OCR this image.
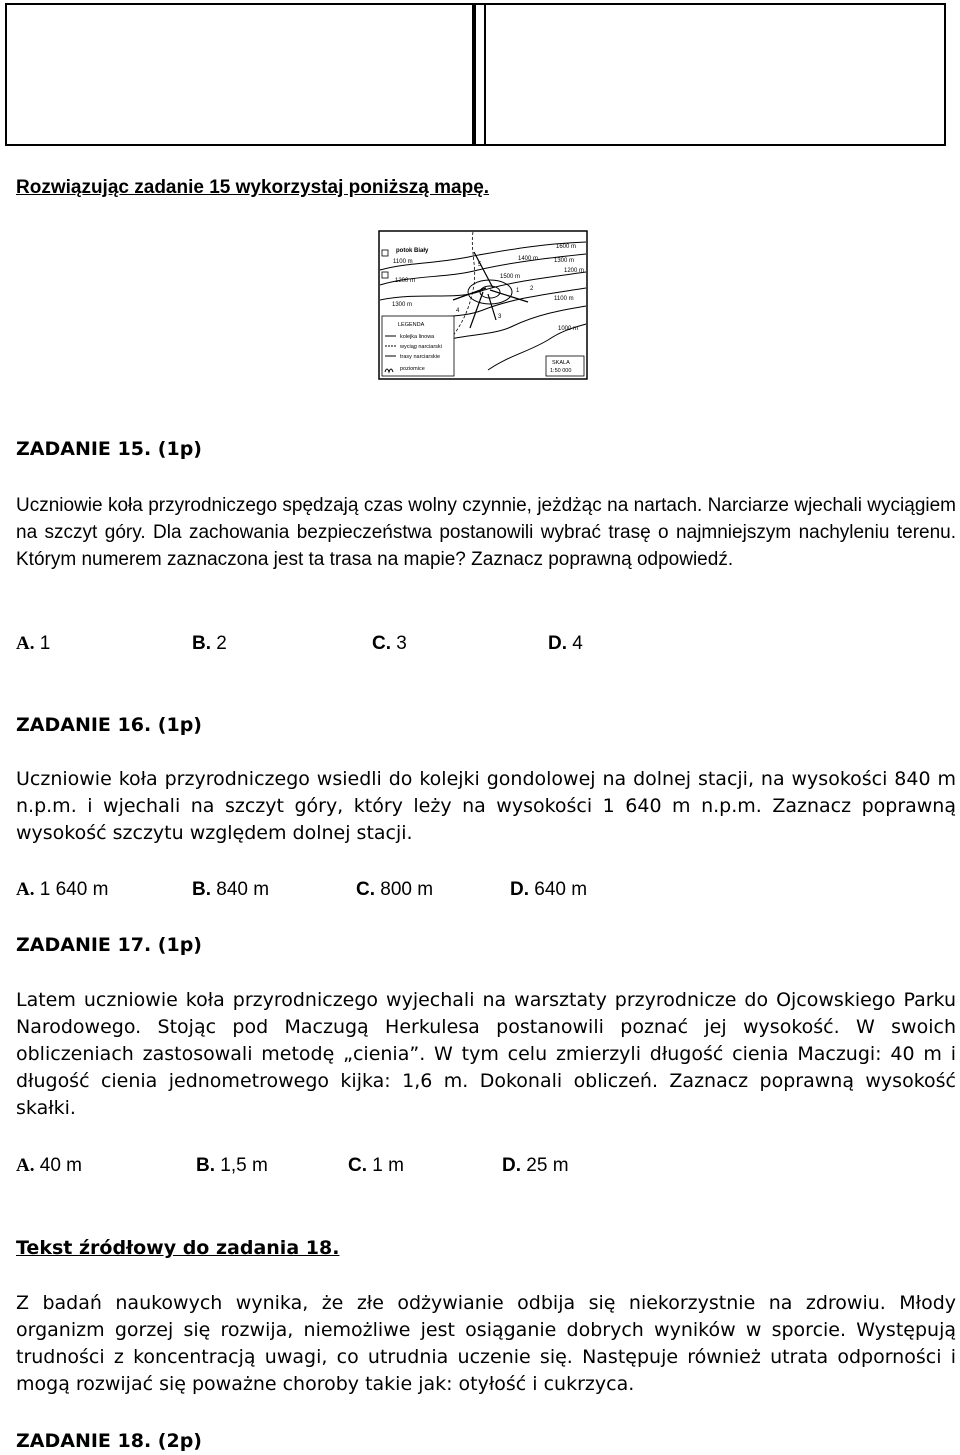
Rozwiązując zadanie 15 wykorzystaj poniższą mapę.
potok Biały
1100 m
1200 m
1300 m
1400 m
1500 m
1600 m
1300 m
1200 m
1100 m
1000 m
1 2
3
4
5
LEGENDA
kolejka linowa
wyciąg narciarski
trasy narciarskie
poziomice
SKALA
1:50 000
ZADANIE 15. (1p)
Uczniowie koła przyrodniczego spędzają czas wolny czynnie, jeżdżąc na nartach. Narciarze wjechali wyciągiem na szczyt góry. Dla zachowania bezpieczeństwa postanowili wybrać trasę o najmniejszym nachyleniu terenu. Którym numerem zaznaczona jest ta trasa na mapie? Zaznacz poprawną odpowiedź.
A. 1	B. 2	C. 3	D. 4
ZADANIE 16. (1p)
Uczniowie koła przyrodniczego wsiedli do kolejki gondolowej na dolnej stacji, na wysokości 840 m n.p.m. i wjechali na szczyt góry, który leży na wysokości 1 640 m n.p.m. Zaznacz poprawną wysokość szczytu względem dolnej stacji.
A. 1 640 m	B. 840 m	C. 800 m	D. 640 m
ZADANIE 17. (1p)
Latem uczniowie koła przyrodniczego wyjechali na warsztaty przyrodnicze do Ojcowskiego Parku Narodowego. Stojąc pod Maczugą Herkulesa postanowili poznać jej wysokość. W swoich obliczeniach zastosowali metodę „cienia”. W tym celu zmierzyli długość cienia Maczugi: 40 m i długość cienia jednometrowego kijka: 1,6 m. Dokonali obliczeń. Zaznacz poprawną wysokość skałki.
A. 40 m	B. 1,5 m	C. 1 m	D. 25 m
Tekst źródłowy do zadania 18.
Z badań naukowych wynika, że złe odżywianie odbija się niekorzystnie na zdrowiu. Młody organizm gorzej się rozwija, niemożliwe jest osiąganie dobrych wyników w sporcie. Występują trudności z koncentracją uwagi, co utrudnia uczenie się. Następuje również utrata odporności i mogą rozwijać się poważne choroby takie jak: otyłość i cukrzyca.
ZADANIE 18. (2p)
